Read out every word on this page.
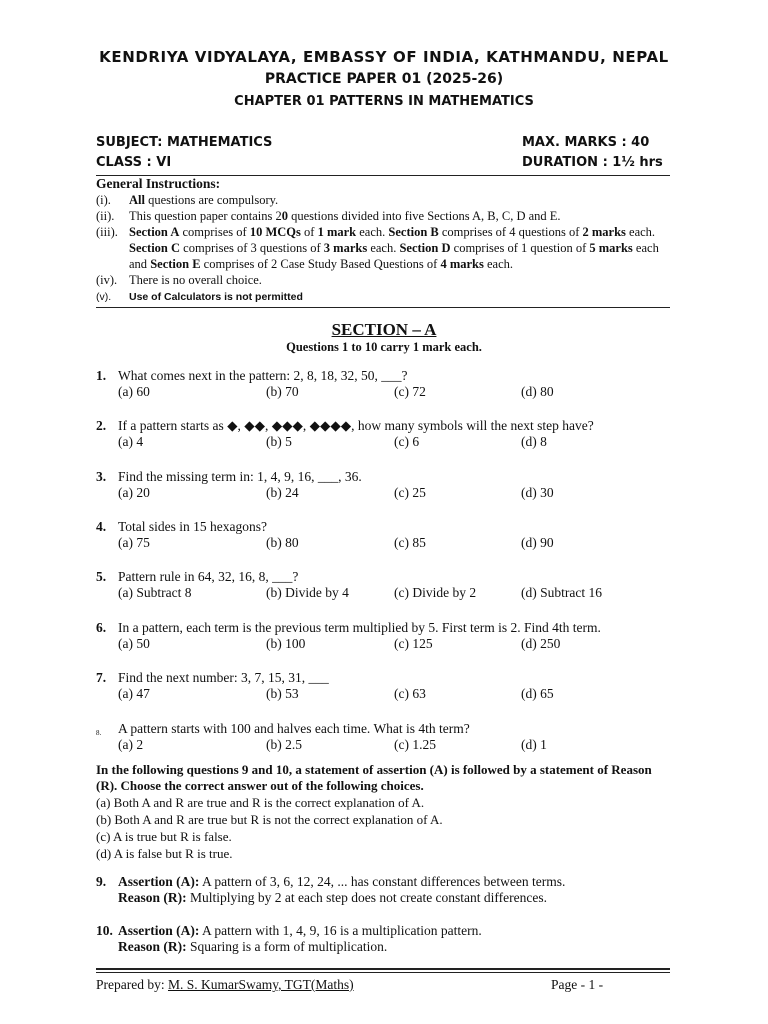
KENDRIYA VIDYALAYA, EMBASSY OF INDIA, KATHMANDU, NEPAL
PRACTICE PAPER 01 (2025-26)
CHAPTER 01 PATTERNS IN MATHEMATICS
SUBJECT: MATHEMATICS
CLASS : VI
MAX. MARKS : 40
DURATION : 1½ hrs
General Instructions:
(i).	All questions are compulsory.
(ii).	This question paper contains 20 questions divided into five Sections A, B, C, D and E.
(iii). Section A comprises of 10 MCQs of 1 mark each. Section B comprises of 4 questions of 2 marks each. Section C comprises of 3 questions of 3 marks each. Section D comprises of 1 question of 5 marks each and Section E comprises of 2 Case Study Based Questions of 4 marks each.
(iv). There is no overall choice.
(v).	Use of Calculators is not permitted
SECTION – A
Questions 1 to 10 carry 1 mark each.
1. What comes next in the pattern: 2, 8, 18, 32, 50, ___?
(a) 60	(b) 70	(c) 72	(d) 80
2. If a pattern starts as ◆, ◆◆, ◆◆◆, ◆◆◆◆, how many symbols will the next step have?
(a) 4	(b) 5	(c) 6	(d) 8
3. Find the missing term in: 1, 4, 9, 16, ___, 36.
(a) 20	(b) 24	(c) 25	(d) 30
4. Total sides in 15 hexagons?
(a) 75	(b) 80	(c) 85	(d) 90
5. Pattern rule in 64, 32, 16, 8, ___?
(a) Subtract 8	(b) Divide by 4	(c) Divide by 2	(d) Subtract 16
6. In a pattern, each term is the previous term multiplied by 5. First term is 2. Find 4th term.
(a) 50	(b) 100	(c) 125	(d) 250
7. Find the next number: 3, 7, 15, 31, ___
(a) 47	(b) 53	(c) 63	(d) 65
8. A pattern starts with 100 and halves each time. What is 4th term?
(a) 2	(b) 2.5	(c) 1.25	(d) 1
In the following questions 9 and 10, a statement of assertion (A) is followed by a statement of Reason (R). Choose the correct answer out of the following choices.
(a) Both A and R are true and R is the correct explanation of A.
(b) Both A and R are true but R is not the correct explanation of A.
(c) A is true but R is false.
(d) A is false but R is true.
9. Assertion (A): A pattern of 3, 6, 12, 24, ... has constant differences between terms.
Reason (R): Multiplying by 2 at each step does not create constant differences.
10. Assertion (A): A pattern with 1, 4, 9, 16 is a multiplication pattern.
Reason (R): Squaring is a form of multiplication.
Prepared by: M. S. KumarSwamy, TGT(Maths)	Page - 1 -
